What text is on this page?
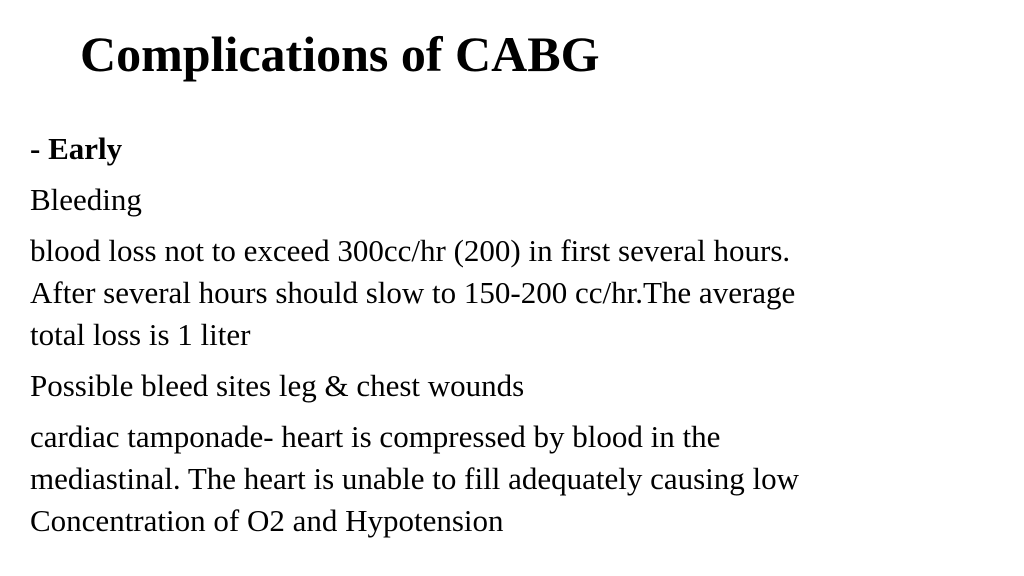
Complications of CABG

- Early

Bleeding

blood loss not to exceed 300cc/hr (200) in first several hours.
After several hours should slow to 150-200 cc/hr.The average
total loss is 1 liter

Possible bleed sites leg & chest wounds

cardiac tamponade- heart is compressed by blood in the
mediastinal. The heart is unable to fill adequately causing low
Concentration of O2 and Hypotension
